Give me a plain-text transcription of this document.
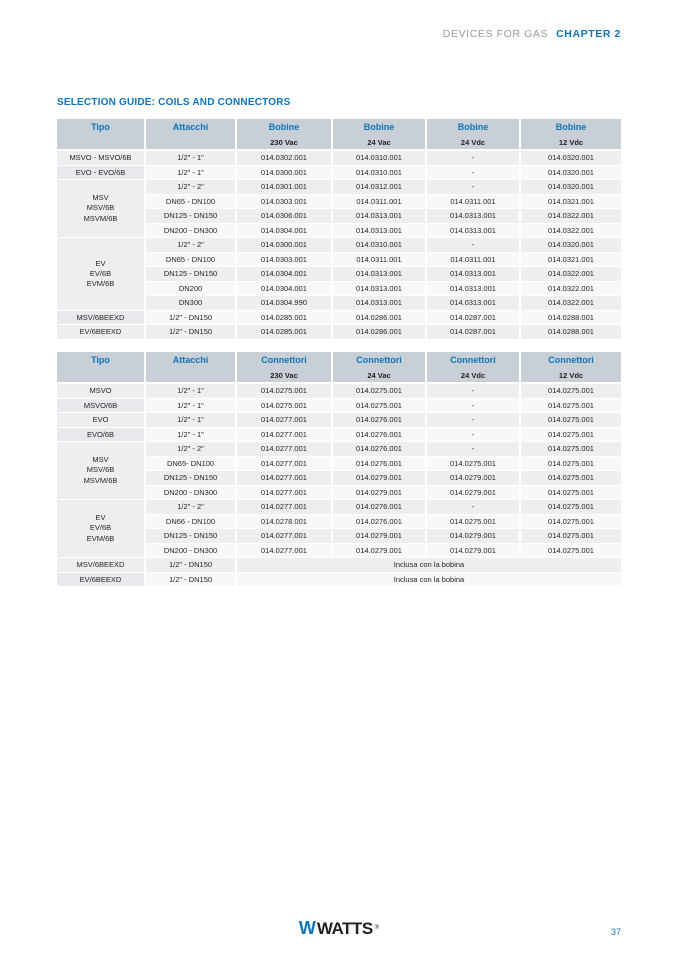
DEVICES FOR GAS CHAPTER 2
SELECTION GUIDE: COILS AND CONNECTORS
Tipo	Attacchi	Bobine	Bobine	Bobine	Bobine
		230 Vac	24 Vac	24 Vdc	12 Vdc
MSVO - MSVO/6B	1/2" - 1"	014.0302.001	014.0310.001	-	014.0320.001
EVO - EVO/6B	1/2" - 1"	014.0300.001	014.0310.001	-	014.0320.001

MSV
MSV/6B
MSVM/6B	1/2" - 2"	014.0301.001	014.0312.001	-	014.0320.001
	DN65 - DN100	014.0303.001	014.0311.001	014.0311.001	014.0321.001
	DN125 - DN150	014.0306.001	014.0313.001	014.0313.001	014.0322.001
	DN200 - DN300	014.0304.001	014.0313.001	014.0313.001	014.0322.001

EV
EV/6B
EVM/6B	1/2" - 2"	014.0300.001	014.0310.001	-	014.0320.001
	DN65 - DN100	014.0303.001	014.0311.001	014.0311.001	014.0321.001
	DN125 - DN150	014.0304.001	014.0313.001	014.0313.001	014.0322.001
	DN200	014.0304.001	014.0313.001	014.0313.001	014.0322.001
	DN300	014.0304.990	014.0313.001	014.0313.001	014.0322.001
MSV/6BEEXD	1/2" - DN150	014.0285.001	014.0286.001	014.0287.001	014.0288.001
EV/6BEEXD	1/2" - DN150	014.0285.001	014.0286.001	014.0287.001	014.0288.001
Tipo	Attacchi	Connettori	Connettori	Connettori	Connettori
		230 Vac	24 Vac	24 Vdc	12 Vdc
MSVO	1/2" - 1"	014.0275.001	014.0275.001	-	014.0275.001
MSVO/6B	1/2" - 1"	014.0275.001	014.0275.001	-	014.0275.001
EVO	1/2" - 1"	014.0277.001	014.0276.001	-	014.0275.001
EVO/6B	1/2" - 1"	014.0277.001	014.0276.001	-	014.0275.001

MSV
MSV/6B
MSVM/6B	1/2" - 2"	014.0277.001	014.0276.001	-	014.0275.001
	DN65- DN100	014.0277.001	014.0276.001	014.0275.001	014.0275.001
	DN125 - DN150	014.0277.001	014.0279.001	014.0279.001	014.0275.001
	DN200 - DN300	014.0277.001	014.0279.001	014.0279.001	014.0275.001

EV
EV/6B
EVM/6B	1/2" - 2"	014.0277.001	014.0276.001	-	014.0275.001
	DN66 - DN100	014.0278.001	014.0276.001	014.0275.001	014.0275.001
	DN125 - DN150	014.0277.001	014.0279.001	014.0279.001	014.0275.001
	DN200 - DN300	014.0277.001	014.0279.001	014.0279.001	014.0275.001
MSV/6BEEXD	1/2" - DN150	Inclusa con la bobina			
EV/6BEEXD	1/2" - DN150	Inclusa con la bobina			
W WATTS ®	37
